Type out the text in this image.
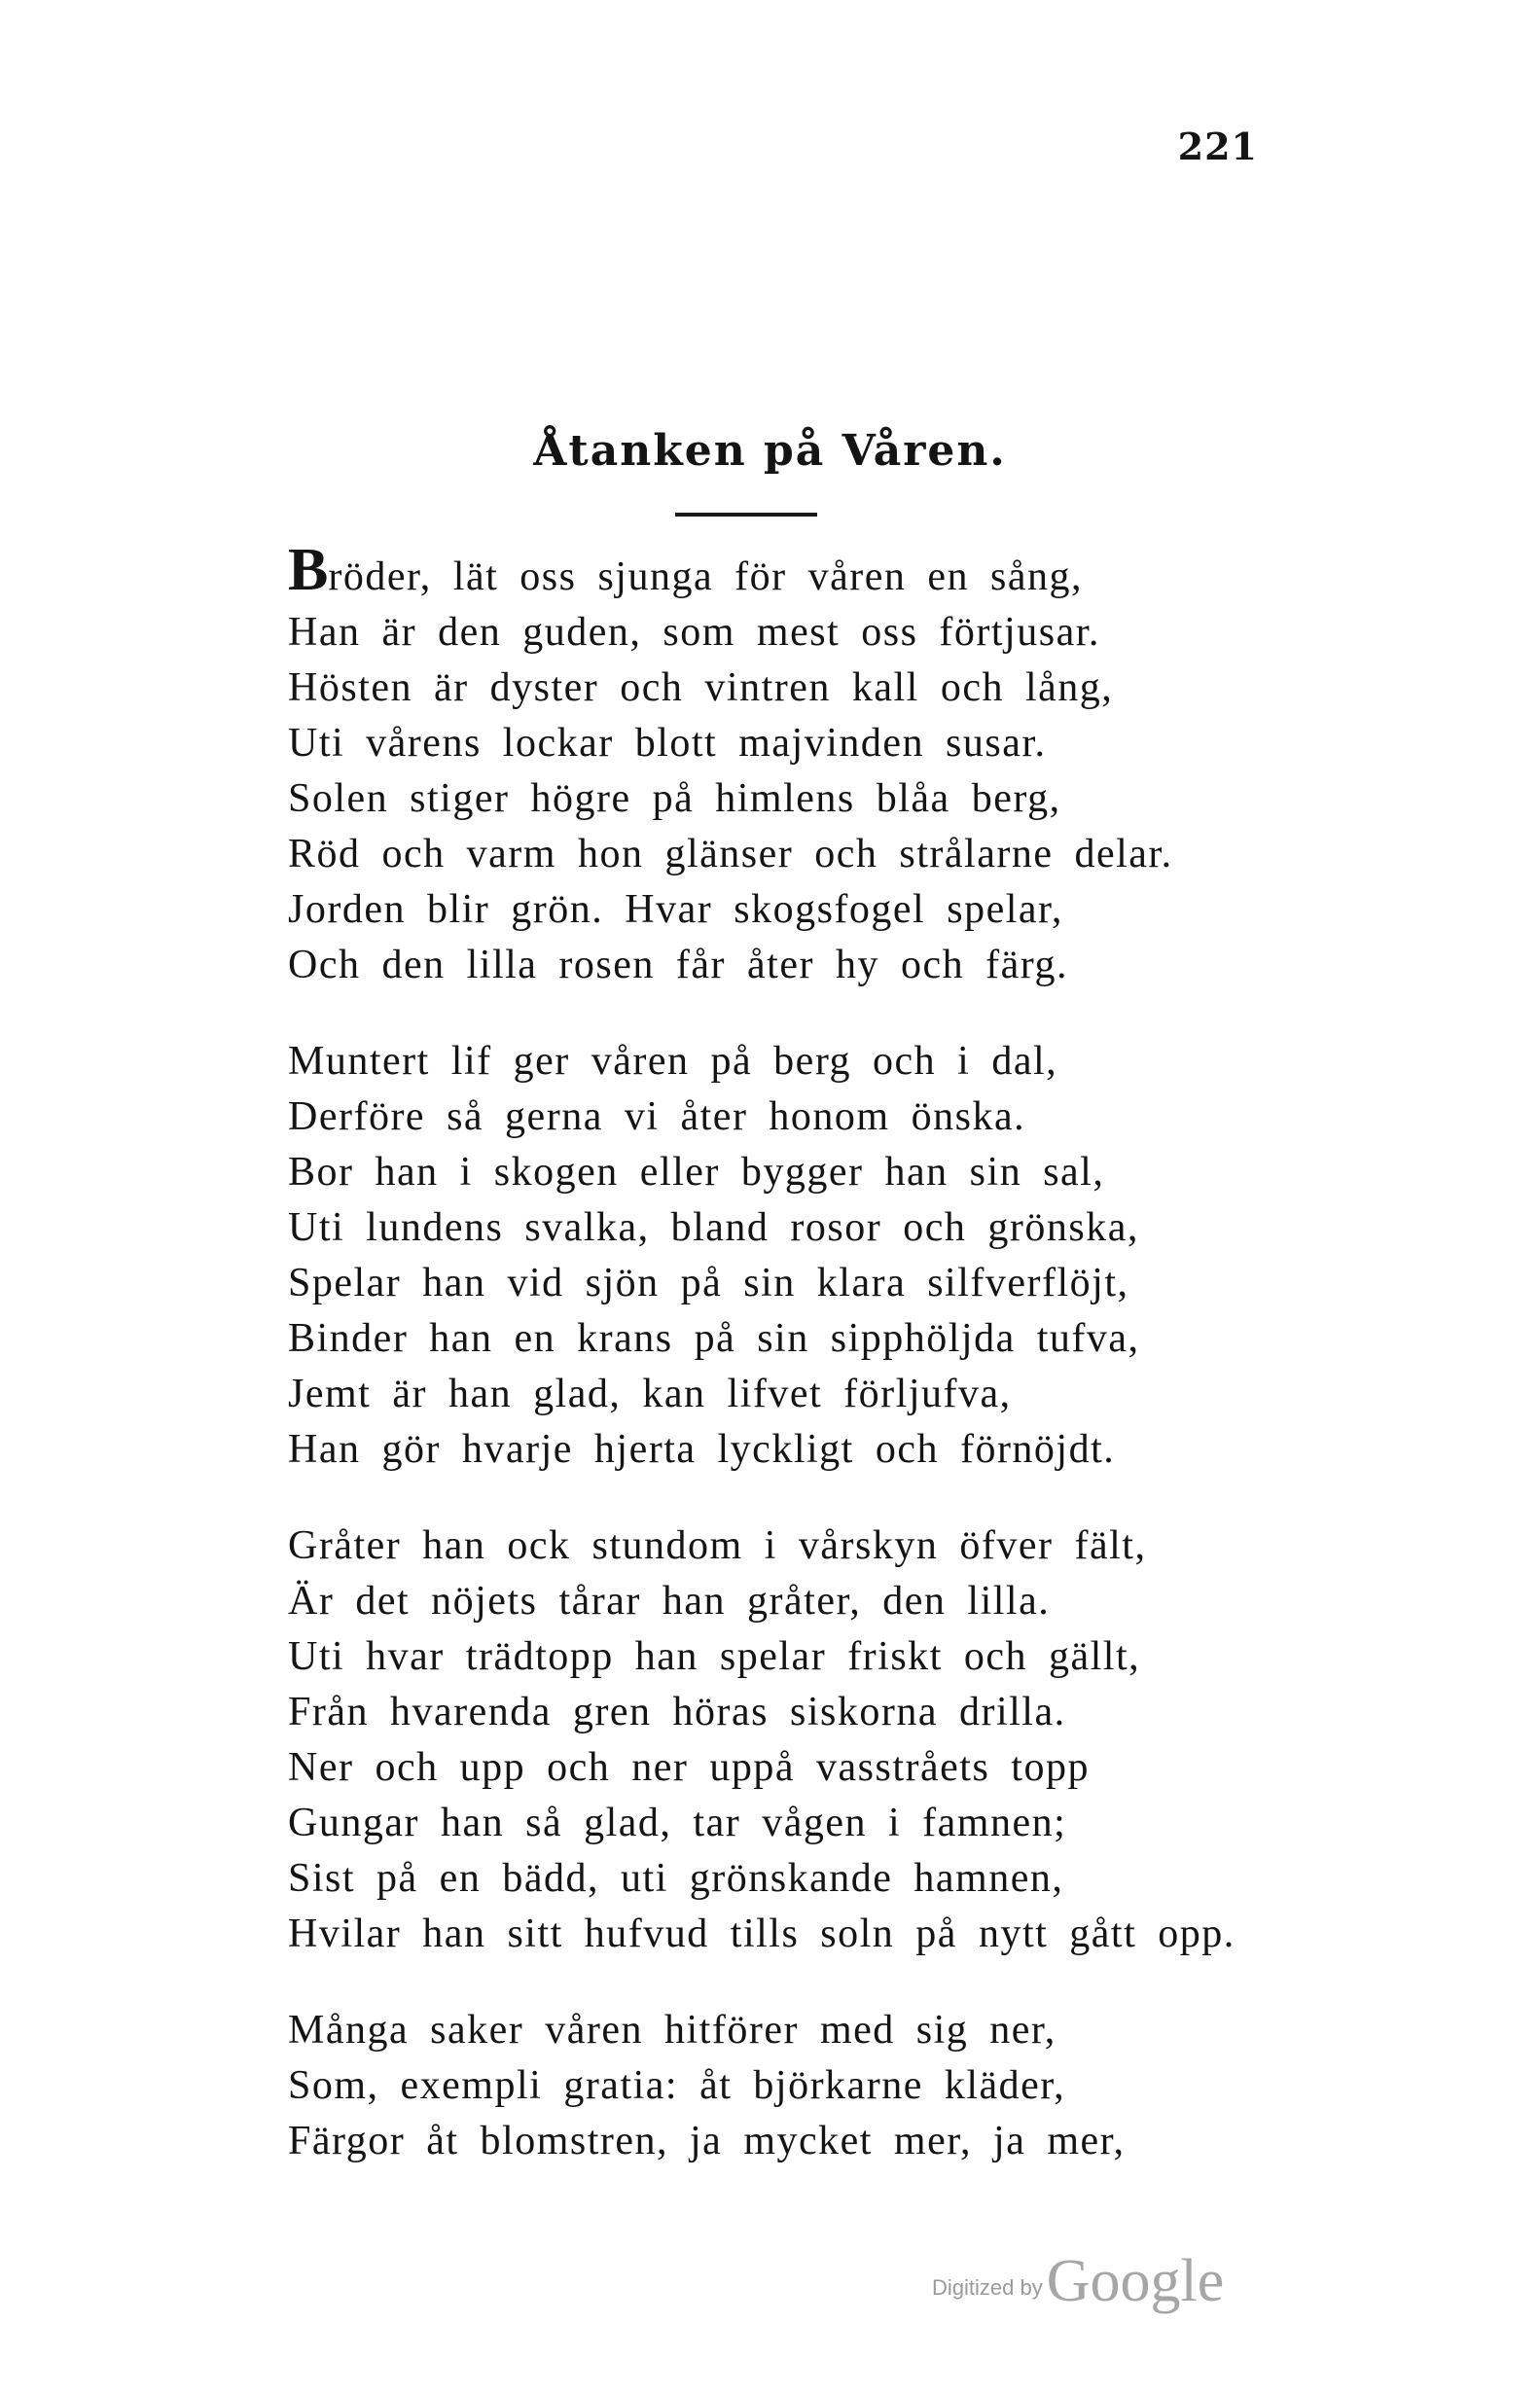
221
Åtanken på Våren.
Bröder, lät oss sjunga för våren en sång,
Han är den guden, som mest oss förtjusar.
Hösten är dyster och vintren kall och lång,
Uti vårens lockar blott majvinden susar.
Solen stiger högre på himlens blåa berg,
Röd och varm hon glänser och strålarne delar.
Jorden blir grön. Hvar skogsfogel spelar,
Och den lilla rosen får åter hy och färg.
Muntert lif ger våren på berg och i dal,
Derföre så gerna vi åter honom önska.
Bor han i skogen eller bygger han sin sal,
Uti lundens svalka, bland rosor och grönska,
Spelar han vid sjön på sin klara silfverflöjt,
Binder han en krans på sin sipphöljda tufva,
Jemt är han glad, kan lifvet förljufva,
Han gör hvarje hjerta lyckligt och förnöjdt.
Gråter han ock stundom i vårskyn öfver fält,
Är det nöjets tårar han gråter, den lilla.
Uti hvar trädtopp han spelar friskt och gällt,
Från hvarenda gren höras siskorna drilla.
Ner och upp och ner uppå vasstråets topp
Gungar han så glad, tar vågen i famnen;
Sist på en bädd, uti grönskande hamnen,
Hvilar han sitt hufvud tills soln på nytt gått opp.
Många saker våren hitförer med sig ner,
Som, exempli gratia: åt björkarne kläder,
Färgor åt blomstren, ja mycket mer, ja mer,
Digitized byGoogle
